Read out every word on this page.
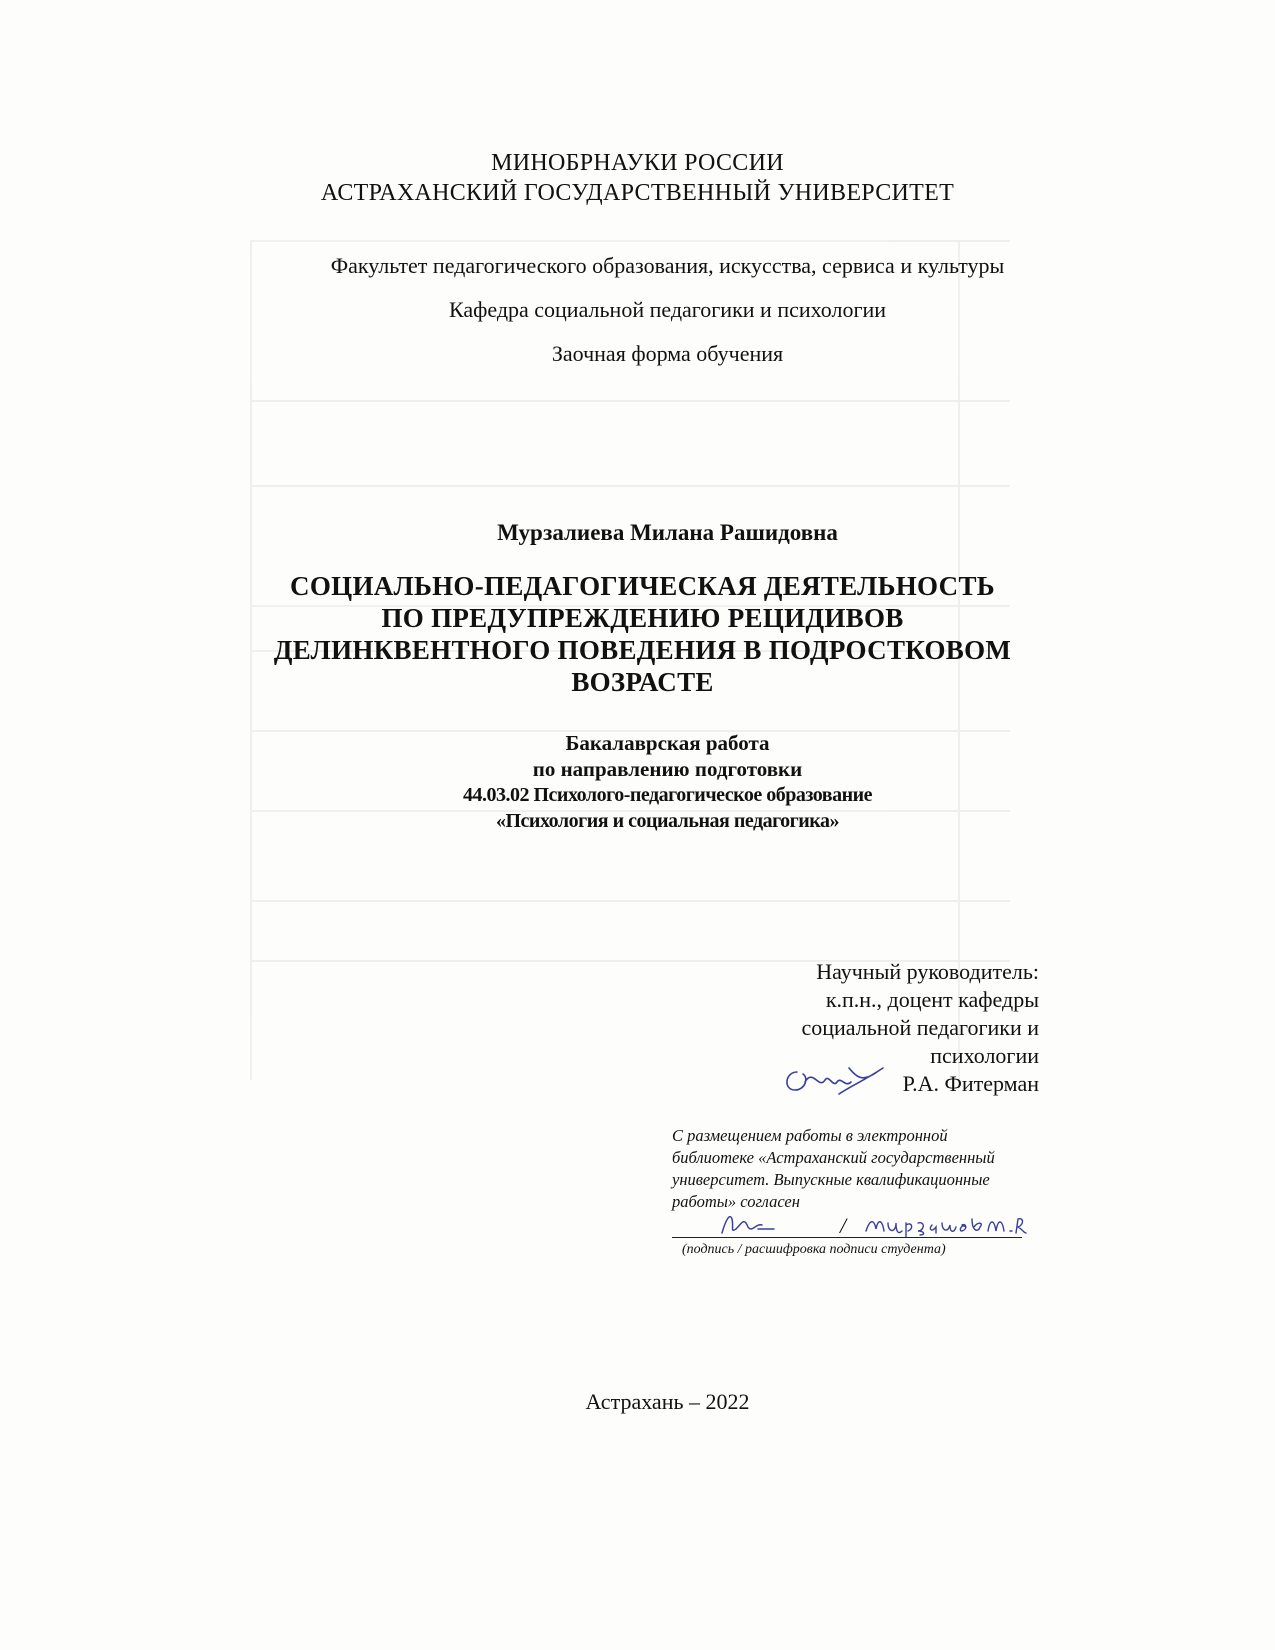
МИНОБРНАУКИ РОССИИ
АСТРАХАНСКИЙ ГОСУДАРСТВЕННЫЙ УНИВЕРСИТЕТ
Факультет педагогического образования, искусства, сервиса и культуры
Кафедра социальной педагогики и психологии
Заочная форма обучения
Мурзалиева Милана Рашидовна
СОЦИАЛЬНО-ПЕДАГОГИЧЕСКАЯ ДЕЯТЕЛЬНОСТЬ
ПО ПРЕДУПРЕЖДЕНИЮ РЕЦИДИВОВ
ДЕЛИНКВЕНТНОГО ПОВЕДЕНИЯ В ПОДРОСТКОВОМ
ВОЗРАСТЕ
Бакалаврская работа
по направлению подготовки
44.03.02 Психолого-педагогическое образование
«Психология и социальная педагогика»
Научный руководитель:
к.п.н., доцент кафедры
социальной педагогики и
психологии
Р.А. Фитерман
С размещением работы в электронной
библиотеке «Астраханский государственный
университет. Выпускные квалификационные
работы» согласен
/
(подпись / расшифровка подписи студента)
Астрахань – 2022
